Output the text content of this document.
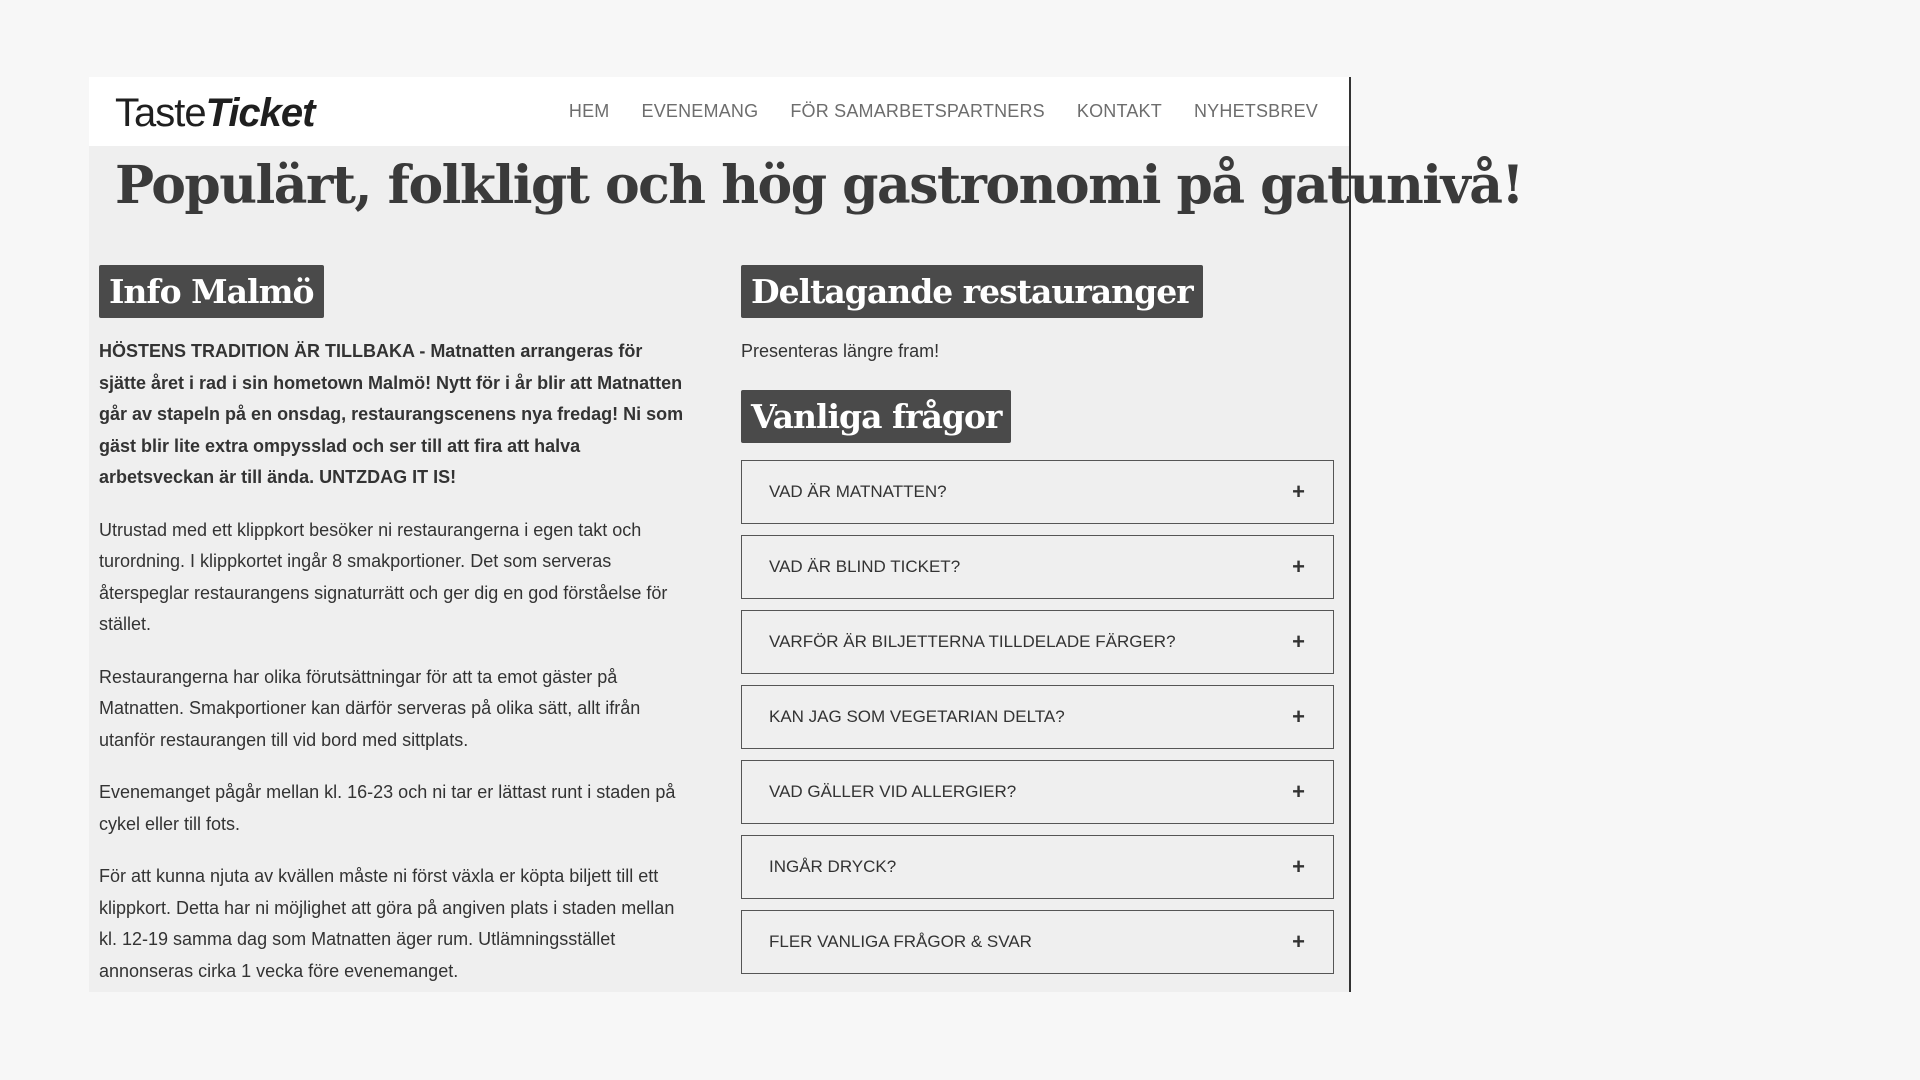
TasteTicket	HEM EVENEMANG FÖR SAMARBETSPARTNERS KONTAKT NYHETSBREV
Populärt, folkligt och hög gastronomi på gatunivå!
Info Malmö

HÖSTENS TRADITION ÄR TILLBAKA - Matnatten arrangeras för sjätte året i rad i sin hometown Malmö! Nytt för i år blir att Matnatten går av stapeln på en onsdag, restaurangscenens nya fredag! Ni som gäst blir lite extra ompysslad och ser till att fira att halva arbetsveckan är till ända. UNTZDAG IT IS!

Utrustad med ett klippkort besöker ni restaurangerna i egen takt och turordning. I klippkortet ingår 8 smakportioner. Det som serveras återspeglar restaurangens signaturrätt och ger dig en god förståelse för stället.

Restaurangerna har olika förutsättningar för att ta emot gäster på Matnatten. Smakportioner kan därför serveras på olika sätt, allt ifrån utanför restaurangen till vid bord med sittplats.

Evenemanget pågår mellan kl. 16-23 och ni tar er lättast runt i staden på cykel eller till fots.

För att kunna njuta av kvällen måste ni först växla er köpta biljett till ett klippkort. Detta har ni möjlighet att göra på angiven plats i staden mellan kl. 12-19 samma dag som Matnatten äger rum. Utlämningsstället annonseras cirka 1 vecka före evenemanget.

Deltagande restauranger

Presenteras längre fram!

Vanliga frågor
VAD ÄR MATNATTEN?	+
VAD ÄR BLIND TICKET?	+
VARFÖR ÄR BILJETTERNA TILLDELADE FÄRGER?	+
KAN JAG SOM VEGETARIAN DELTA?	+
VAD GÄLLER VID ALLERGIER?	+
INGÅR DRYCK?	+
FLER VANLIGA FRÅGOR & SVAR	+
